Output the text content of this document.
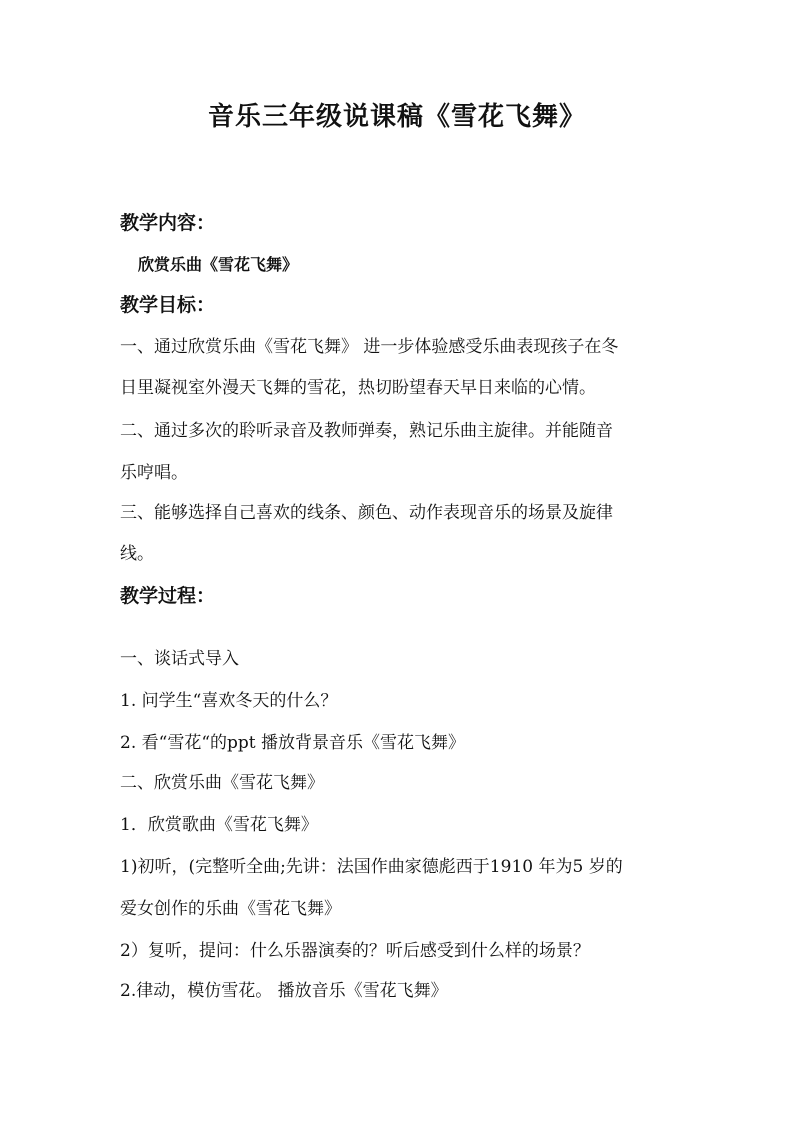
音乐三年级说课稿《雪花飞舞》
教学内容：
欣赏乐曲《雪花飞舞》
教学目标：
一、通过欣赏乐曲《雪花飞舞》 进一步体验感受乐曲表现孩子在冬
日里凝视室外漫天飞舞的雪花，热切盼望春天早日来临的心情。
二、通过多次的聆听录音及教师弹奏，熟记乐曲主旋律。并能随音
乐哼唱。
三、能够选择自己喜欢的线条、颜色、动作表现音乐的场景及旋律
线。
教学过程：
一、谈话式导入
1. 问学生“喜欢冬天的什么？
2. 看“雪花“的ppt 播放背景音乐《雪花飞舞》
二、欣赏乐曲《雪花飞舞》
1．欣赏歌曲《雪花飞舞》
1)初听，(完整听全曲;先讲：法国作曲家德彪西于1910 年为5 岁的
爱女创作的乐曲《雪花飞舞》
2）复听，提问：什么乐器演奏的？听后感受到什么样的场景？
2.律动，模仿雪花。 播放音乐《雪花飞舞》
